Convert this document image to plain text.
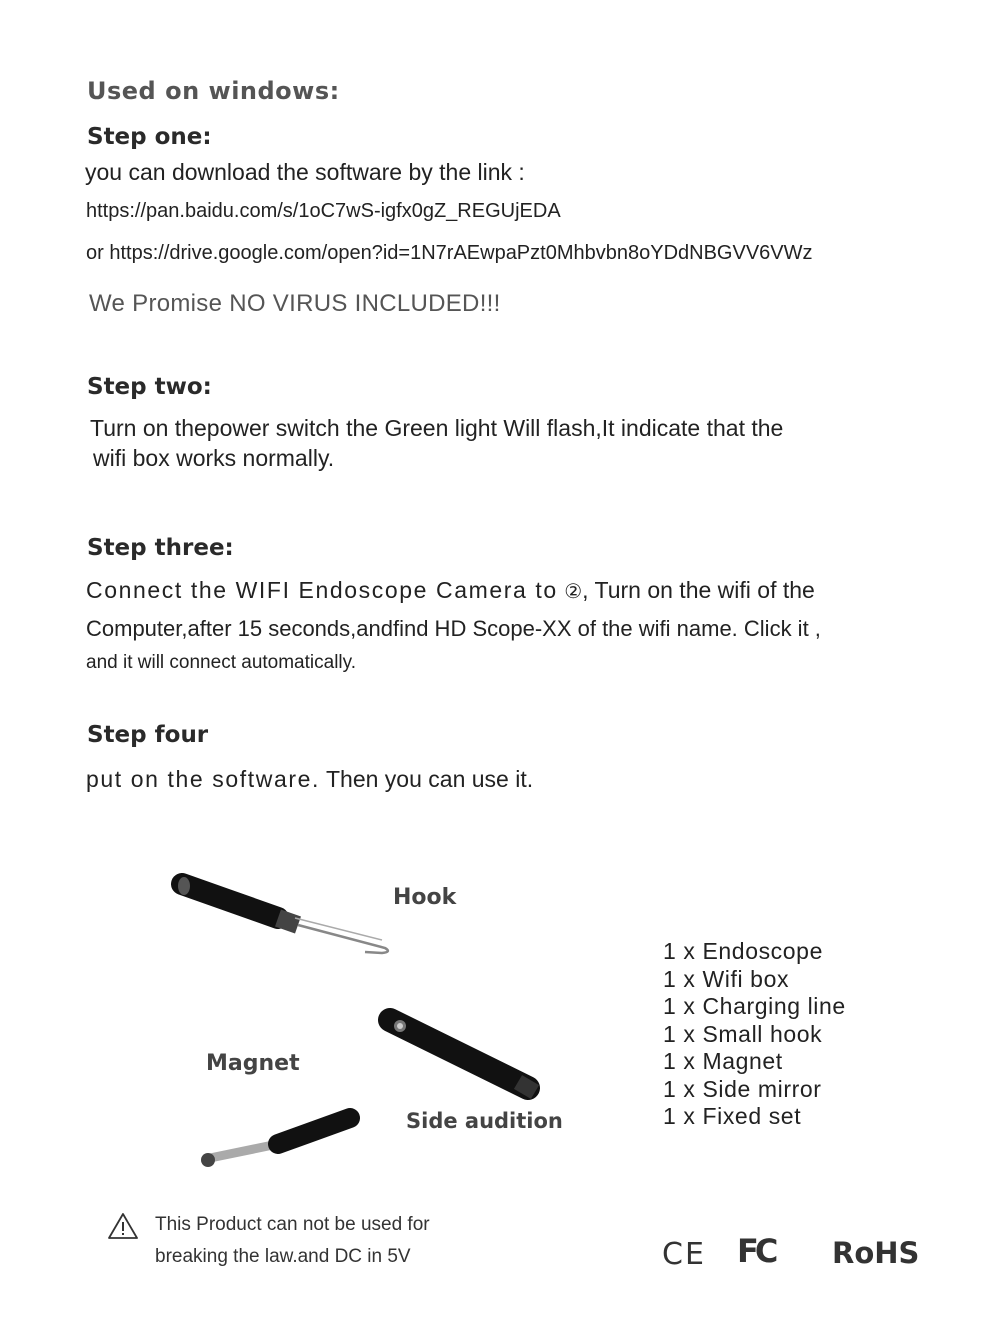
Used on windows:
Step one:
you can download the software by the link :
https://pan.baidu.com/s/1oC7wS-igfx0gZ_REGUjEDA
or https://drive.google.com/open?id=1N7rAEwpaPzt0Mhbvbn8oYDdNBGVV6VWz
We Promise NO VIRUS INCLUDED!!!
Step two:
Turn on thepower switch the Green light Will flash,It indicate that the
wifi box works normally.
Step three:
Connect the WIFI Endoscope Camera to ②, Turn on the wifi of the
Computer,after 15 seconds,andfind HD Scope-XX of the wifi name. Click it ,
and it will connect automatically.
Step four
put on the software. Then you can use it.
Hook
Magnet
Side audition
1 x Endoscope
1 x Wifi box
1 x Charging line
1 x Small hook
1 x Magnet
1 x Side mirror
1 x Fixed set
This Product can not be used for
breaking the law.and DC in 5V	CE FC RoHS
